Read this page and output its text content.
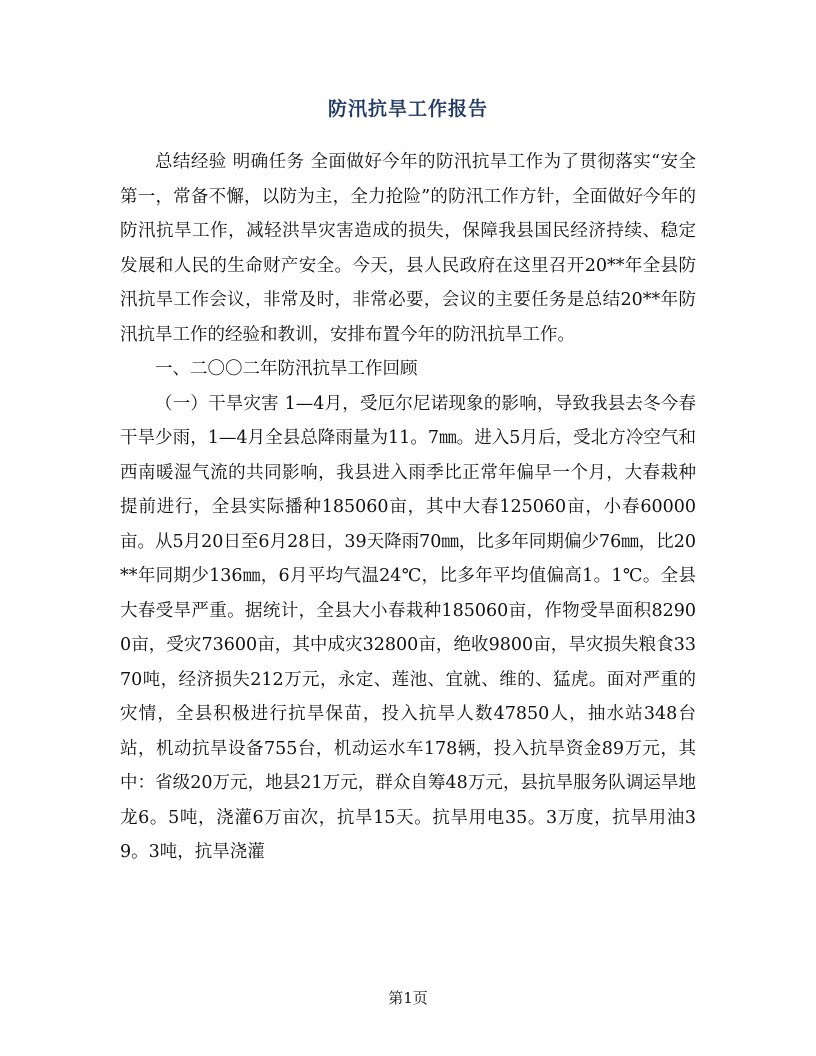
防汛抗旱工作报告

总结经验 明确任务 全面做好今年的防汛抗旱工作为了贯彻落实“安全第一，常备不懈，以防为主，全力抢险”的防汛工作方针，全面做好今年的防汛抗旱工作，减轻洪旱灾害造成的损失，保障我县国民经济持续、稳定发展和人民的生命财产安全。今天，县人民政府在这里召开20**年全县防汛抗旱工作会议，非常及时，非常必要，会议的主要任务是总结20**年防汛抗旱工作的经验和教训，安排布置今年的防汛抗旱工作。

一、二〇〇二年防汛抗旱工作回顾

（一）干旱灾害 1—4月，受厄尔尼诺现象的影响，导致我县去冬今春干旱少雨，1—4月全县总降雨量为11。7㎜。进入5月后，受北方冷空气和西南暖湿气流的共同影响，我县进入雨季比正常年偏早一个月，大春栽种提前进行，全县实际播种185060亩，其中大春125060亩，小春60000亩。从5月20日至6月28日，39天降雨70㎜，比多年同期偏少76㎜，比20**年同期少136㎜，6月平均气温24℃，比多年平均值偏高1。1℃。全县大春受旱严重。据统计，全县大小春栽种185060亩，作物受旱面积82900亩，受灾73600亩，其中成灾32800亩，绝收9800亩，旱灾损失粮食3370吨，经济损失212万元，永定、莲池、宜就、维的、猛虎。面对严重的灾情，全县积极进行抗旱保苗，投入抗旱人数47850人，抽水站348台站，机动抗旱设备755台，机动运水车178辆，投入抗旱资金89万元，其中：省级20万元，地县21万元，群众自筹48万元，县抗旱服务队调运旱地龙6。5吨，浇灌6万亩次，抗旱15天。抗旱用电35。3万度，抗旱用油39。3吨，抗旱浇灌

第1页
